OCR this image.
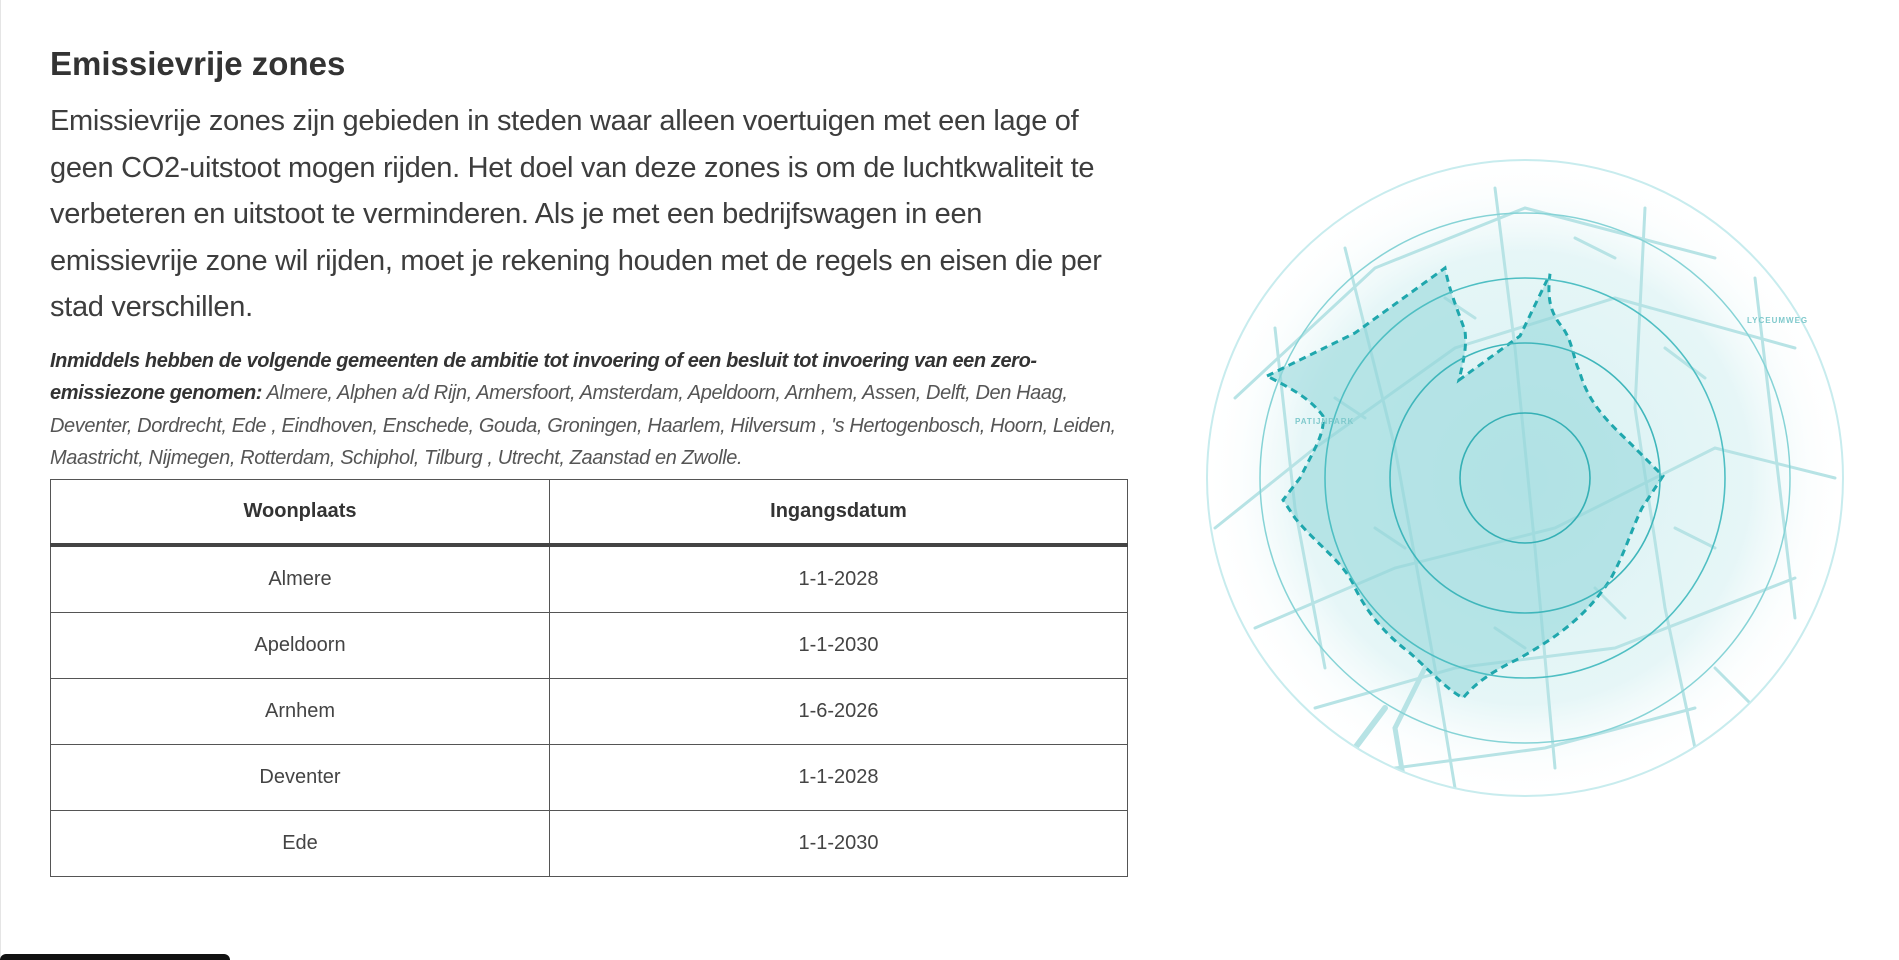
Emissievrije zones

Emissievrije zones zijn gebieden in steden waar alleen voertuigen met een lage of geen CO2-uitstoot mogen rijden. Het doel van deze zones is om de luchtkwaliteit te verbeteren en uitstoot te verminderen. Als je met een bedrijfswagen in een emissievrije zone wil rijden, moet je rekening houden met de regels en eisen die per stad verschillen.

Inmiddels hebben de volgende gemeenten de ambitie tot invoering of een besluit tot invoering van een zero-emissiezone genomen: Almere, Alphen a/d Rijn, Amersfoort, Amsterdam, Apeldoorn, Arnhem, Assen, Delft, Den Haag, Deventer, Dordrecht, Ede , Eindhoven, Enschede, Gouda, Groningen, Haarlem, Hilversum , 's Hertogenbosch, Hoorn, Leiden, Maastricht, Nijmegen, Rotterdam, Schiphol, Tilburg , Utrecht, Zaanstad en Zwolle.

Woonplaats	Ingangsdatum
Almere	1-1-2028
Apeldoorn	1-1-2030
Arnhem	1-6-2026
Deventer	1-1-2028
Ede	1-1-2030
PATIJNPARK
LYCEUMWEG
